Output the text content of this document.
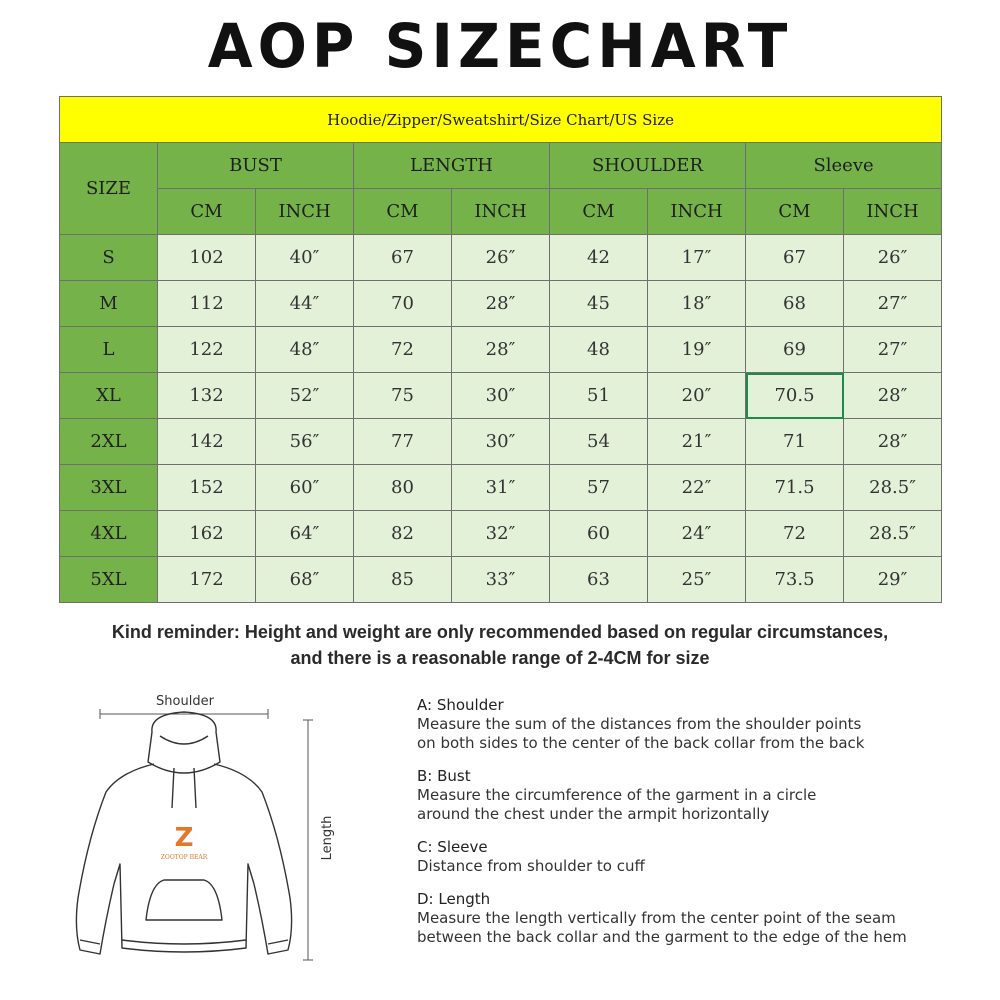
AOP SIZECHART
Hoodie/Zipper/Sweatshirt/Size Chart/US Size								
SIZE	BUST		LENGTH		SHOULDER		Sleeve	
	CM	INCH	CM	INCH	CM	INCH	CM	INCH
S	102	40″	67	26″	42	17″	67	26″
M	112	44″	70	28″	45	18″	68	27″
L	122	48″	72	28″	48	19″	69	27″
XL	132	52″	75	30″	51	20″	70.5	28″
2XL	142	56″	77	30″	54	21″	71	28″
3XL	152	60″	80	31″	57	22″	71.5	28.5″
4XL	162	64″	82	32″	60	24″	72	28.5″
5XL	172	68″	85	33″	63	25″	73.5	29″
Kind reminder: Height and weight are only recommended based on regular circumstances,
and there is a reasonable range of 2-4CM for size
Shoulder
Length
Z
ZOOTOP BEAR
A: Shoulder
Measure the sum of the distances from the shoulder points
on both sides to the center of the back collar from the back
B: Bust
Measure the circumference of the garment in a circle
around the chest under the armpit horizontally
C: Sleeve
Distance from shoulder to cuff
D: Length
Measure the length vertically from the center point of the seam
between the back collar and the garment to the edge of the hem
